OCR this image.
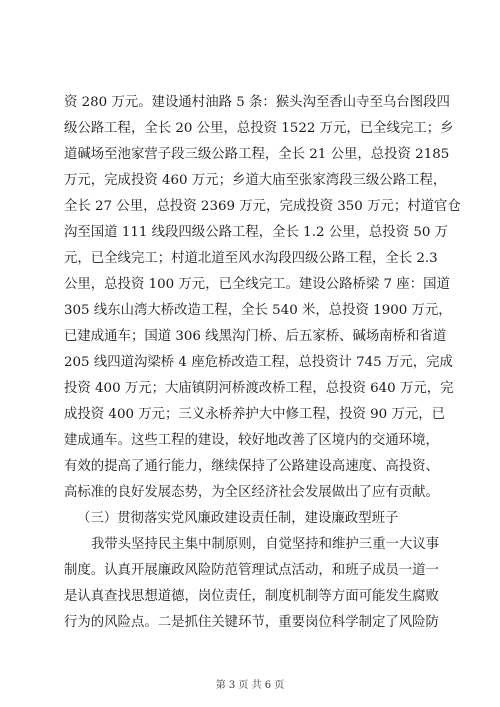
资 280 万元。建设通村油路 5 条：猴头沟至香山寺至乌台图段四
级公路工程，全长 20 公里，总投资 1522 万元，已全线完工；乡
道碱场至池家营子段三级公路工程，全长 21 公里，总投资 2185
万元，完成投资 460 万元；乡道大庙至张家湾段三级公路工程，
全长 27 公里，总投资 2369 万元，完成投资 350 万元；村道官仓
沟至国道 111 线段四级公路工程，全长 1.2 公里，总投资 50 万
元，已全线完工；村道北道至风水沟段四级公路工程，全长 2.3
公里，总投资 100 万元，已全线完工。建设公路桥梁 7 座：国道
305 线东山湾大桥改造工程，全长 540 米，总投资 1900 万元，
已建成通车；国道 306 线黑沟门桥、后五家桥、碱场南桥和省道
205 线四道沟梁桥 4 座危桥改造工程，总投资计 745 万元，完成
投资 400 万元；大庙镇阴河桥渡改桥工程，总投资 640 万元，完
成投资 400 万元；三义永桥养护大中修工程，投资 90 万元，已
建成通车。这些工程的建设，较好地改善了区境内的交通环境，
有效的提高了通行能力，继续保持了公路建设高速度、高投资、
高标准的良好发展态势，为全区经济社会发展做出了应有贡献。
（三）贯彻落实党风廉政建设责任制，建设廉政型班子
我带头坚持民主集中制原则，自觉坚持和维护三重一大议事
制度。认真开展廉政风险防范管理试点活动，和班子成员一道一
是认真查找思想道德，岗位责任，制度机制等方面可能发生腐败
行为的风险点。二是抓住关键环节，重要岗位科学制定了风险防
第 3 页 共 6 页
